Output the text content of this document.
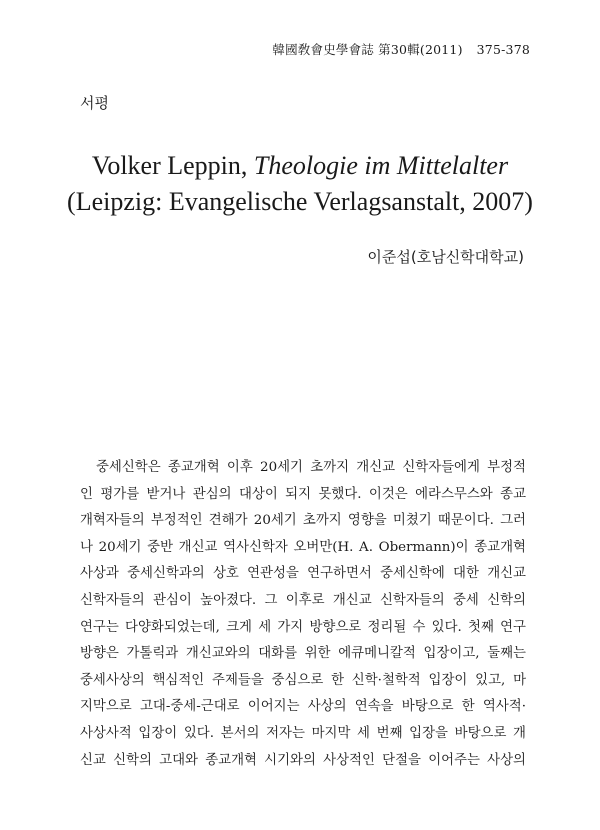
韓國敎會史學會誌 第30輯(2011) 375-378
서평
Volker Leppin, Theologie im Mittelalter
(Leipzig: Evangelische Verlagsanstalt, 2007)
이준섭(호남신학대학교)
중세신학은 종교개혁 이후 20세기 초까지 개신교 신학자들에게 부정적
인 평가를 받거나 관심의 대상이 되지 못했다. 이것은 에라스무스와 종교
개혁자들의 부정적인 견해가 20세기 초까지 영향을 미쳤기 때문이다. 그러
나 20세기 중반 개신교 역사신학자 오버만(H. A. Obermann)이 종교개혁
사상과 중세신학과의 상호 연관성을 연구하면서 중세신학에 대한 개신교
신학자들의 관심이 높아졌다. 그 이후로 개신교 신학자들의 중세 신학의
연구는 다양화되었는데, 크게 세 가지 방향으로 정리될 수 있다. 첫째 연구
방향은 가톨릭과 개신교와의 대화를 위한 에큐메니칼적 입장이고, 둘째는
중세사상의 핵심적인 주제들을 중심으로 한 신학·철학적 입장이 있고, 마
지막으로 고대-중세-근대로 이어지는 사상의 연속을 바탕으로 한 역사적·
사상사적 입장이 있다. 본서의 저자는 마지막 세 번째 입장을 바탕으로 개
신교 신학의 고대와 종교개혁 시기와의 사상적인 단절을 이어주는 사상의
